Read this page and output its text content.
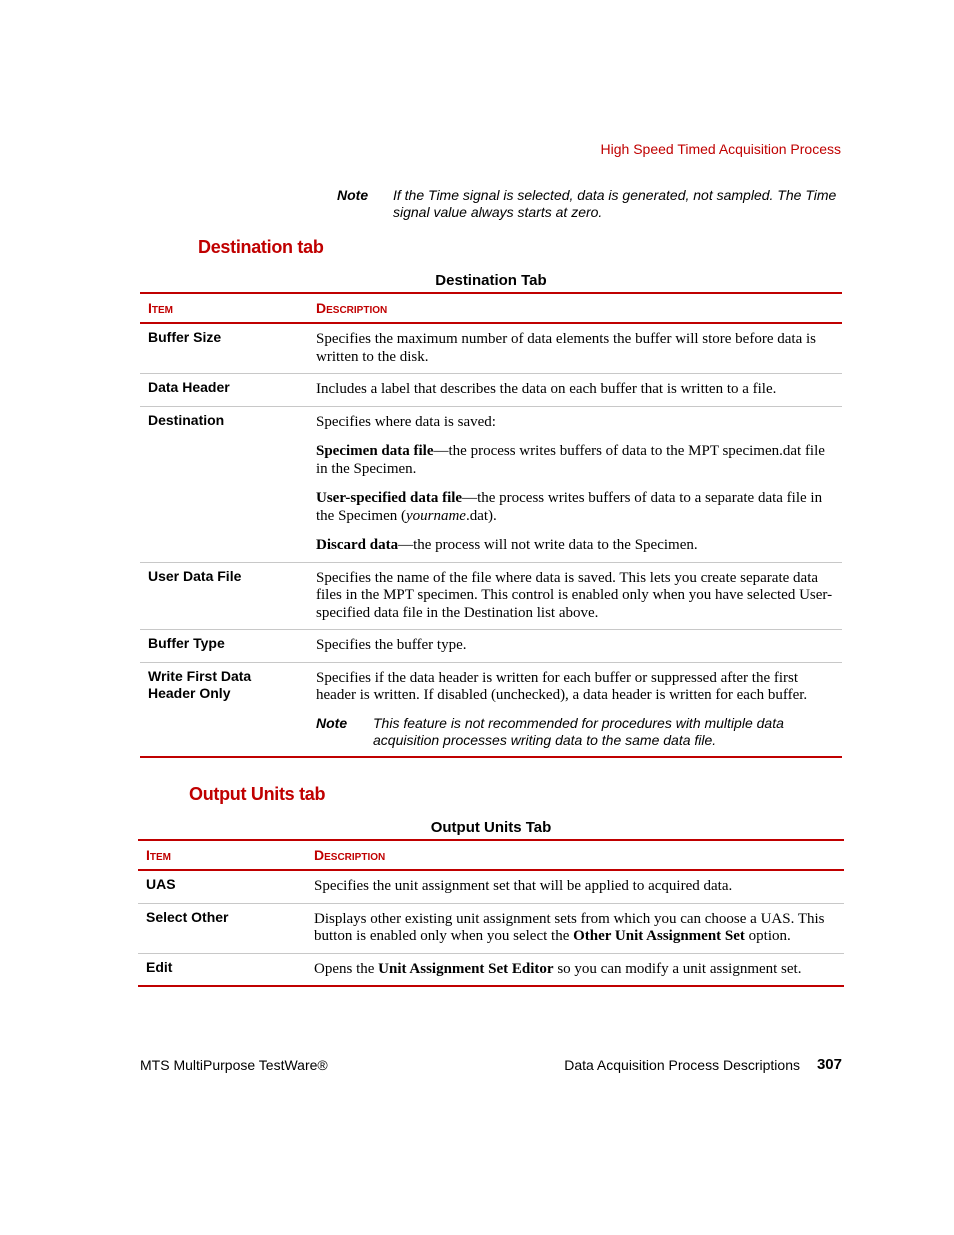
High Speed Timed Acquisition Process
Note If the Time signal is selected, data is generated, not sampled. The Time signal value always starts at zero.
Destination tab
Destination Tab
Item	Description
Buffer Size	Specifies the maximum number of data elements the buffer will store before data is written to the disk.
Data Header	Includes a label that describes the data on each buffer that is written to a file.
Destination	Specifies where data is saved:

Specimen data file—the process writes buffers of data to the MPT specimen.dat file in the Specimen.

User-specified data file—the process writes buffers of data to a separate data file in the Specimen (yourname.dat).

Discard data—the process will not write data to the Specimen.

User Data File	Specifies the name of the file where data is saved. This lets you create separate data files in the MPT specimen. This control is enabled only when you have selected User-specified data file in the Destination list above.
Buffer Type	Specifies the buffer type.
Write First Data Header Only	Specifies if the data header is written for each buffer or suppressed after the first header is written. If disabled (unchecked), a data header is written for each buffer.
Note This feature is not recommended for procedures with multiple data acquisition processes writing data to the same data file.
Output Units tab
Output Units Tab
Item	Description
UAS	Specifies the unit assignment set that will be applied to acquired data.
Select Other	Displays other existing unit assignment sets from which you can choose a UAS. This button is enabled only when you select the Other Unit Assignment Set option.
Edit	Opens the Unit Assignment Set Editor so you can modify a unit assignment set.
MTS MultiPurpose TestWare®	Data Acquisition Process Descriptions 307
